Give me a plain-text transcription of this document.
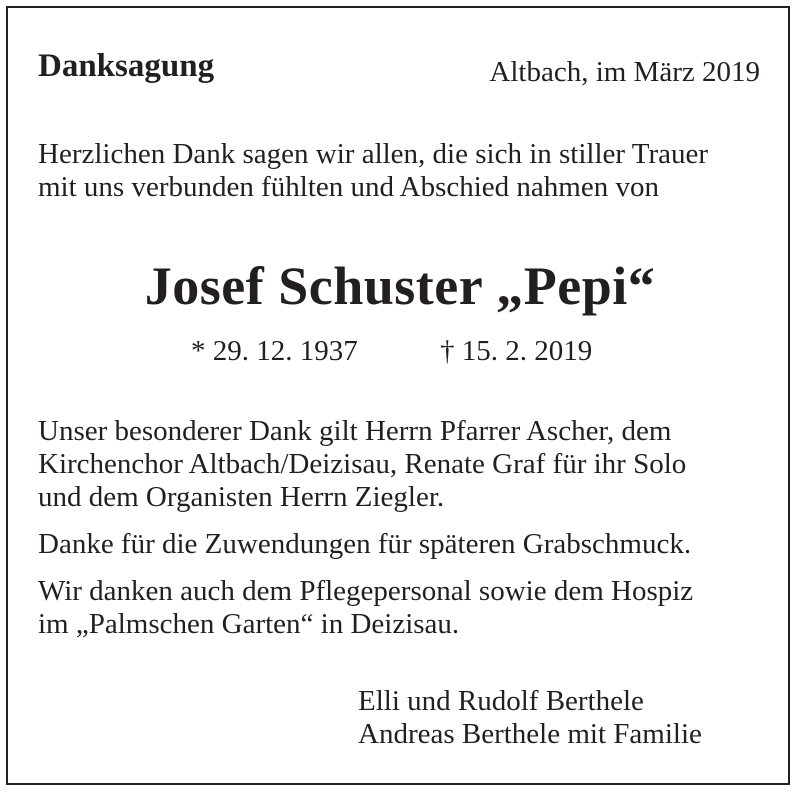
Danksagung	Altbach, im März 2019
Herzlichen Dank sagen wir allen, die sich in stiller Trauer
mit uns verbunden fühlten und Abschied nahmen von
Josef Schuster „Pepi“
* 29. 12. 1937	† 15. 2. 2019
Unser besonderer Dank gilt Herrn Pfarrer Ascher, dem
Kirchenchor Altbach/Deizisau, Renate Graf für ihr Solo
und dem Organisten Herrn Ziegler.
Danke für die Zuwendungen für späteren Grabschmuck.
Wir danken auch dem Pflegepersonal sowie dem Hospiz
im „Palmschen Garten“ in Deizisau.
Elli und Rudolf Berthele
Andreas Berthele mit Familie
